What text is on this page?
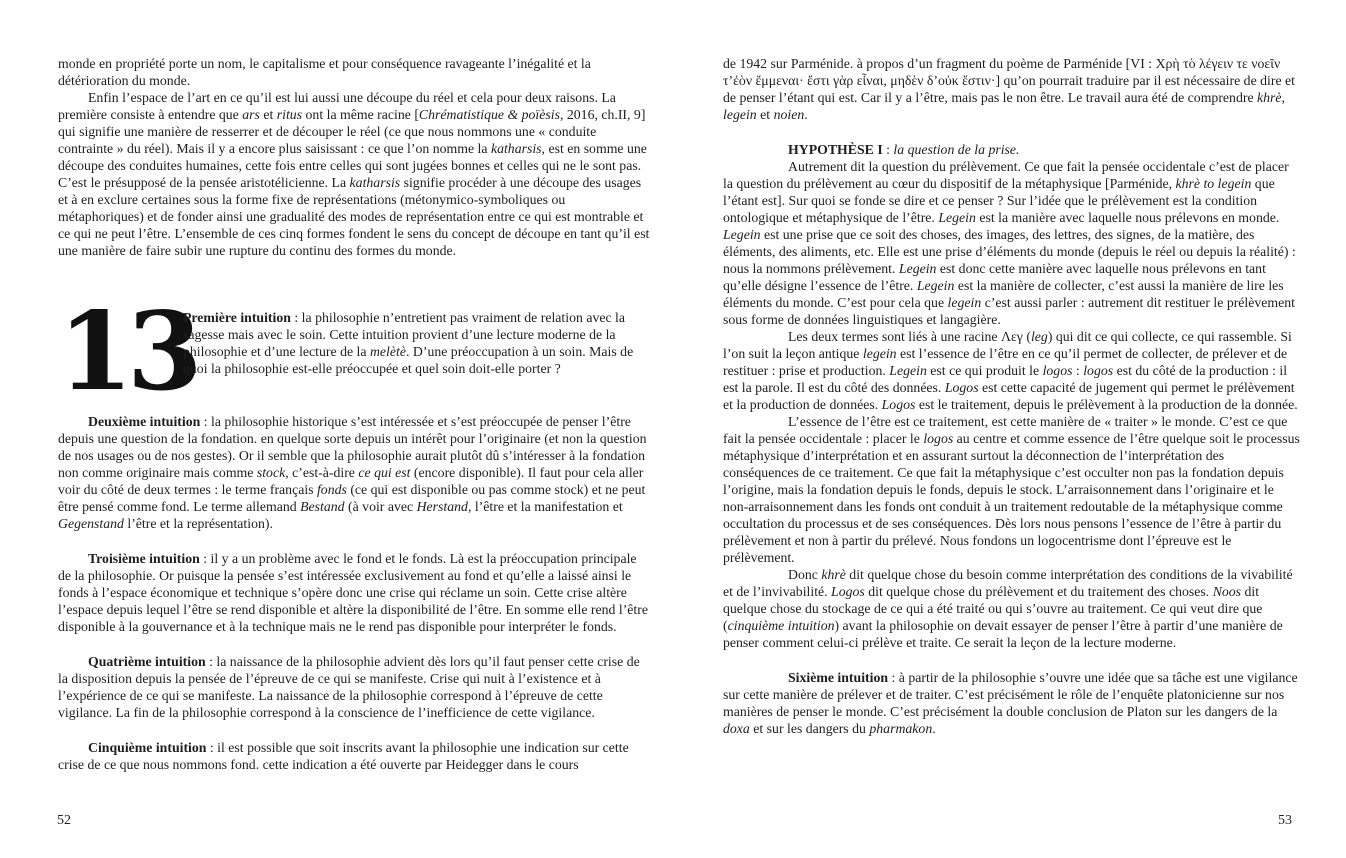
monde en propriété porte un nom, le capitalisme et pour conséquence ravageante l’inégalité et la détérioration du monde.

Enfin l’espace de l’art en ce qu’il est lui aussi une découpe du réel et cela pour deux raisons. La première consiste à entendre que ars et ritus ont la même racine [Chrématistique & poïèsis, 2016, ch.II, 9] qui signifie une manière de resserrer et de découper le réel (ce que nous nommons une « conduite contrainte » du réel). Mais il y a encore plus saisissant : ce que l’on nomme la katharsis, est en somme une découpe des conduites humaines, cette fois entre celles qui sont jugées bonnes et celles qui ne le sont pas. C’est le présupposé de la pensée aristotélicienne. La katharsis signifie procéder à une découpe des usages et à en exclure certaines sous la forme fixe de représentations (métonymico-symboliques ou métaphoriques) et de fonder ainsi une gradualité des modes de représentation entre ce qui est montrable et ce qui ne peut l’être. L’ensemble de ces cinq formes fondent le sens du concept de découpe en tant qu’il est une manière de faire subir une rupture du continu des formes du monde.

13

Première intuition : la philosophie n’entretient pas vraiment de relation avec la sagesse mais avec le soin. Cette intuition provient d’une lecture moderne de la philosophie et d’une lecture de la melètè. D’une préoccupation à un soin. Mais de quoi la philosophie est-elle préoccupée et quel soin doit-elle porter ?

Deuxième intuition : la philosophie historique s’est intéressée et s’est préoccupée de penser l’être depuis une question de la fondation. en quelque sorte depuis un intérêt pour l’originaire (et non la question de nos usages ou de nos gestes). Or il semble que la philosophie aurait plutôt dû s’intéresser à la fondation non comme originaire mais comme stock, c’est-à-dire ce qui est (encore disponible). Il faut pour cela aller voir du côté de deux termes : le terme français fonds (ce qui est disponible ou pas comme stock) et ne peut être pensé comme fond. Le terme allemand Bestand (à voir avec Herstand, l’être et la manifestation et Gegenstand l’être et la représentation).

Troisième intuition : il y a un problème avec le fond et le fonds. Là est la préoccupation principale de la philosophie. Or puisque la pensée s’est intéressée exclusivement au fond et qu’elle a laissé ainsi le fonds à l’espace économique et technique s’opère donc une crise qui réclame un soin. Cette crise altère l’espace depuis lequel l’être se rend disponible et altère la disponibilité de l’être. En somme elle rend l’être disponible à la gouvernance et à la technique mais ne le rend pas disponible pour interpréter le fonds.

Quatrième intuition : la naissance de la philosophie advient dès lors qu’il faut penser cette crise de la disposition depuis la pensée de l’épreuve de ce qui se manifeste. Crise qui nuit à l’existence et à l’expérience de ce qui se manifeste. La naissance de la philosophie correspond à l’épreuve de cette vigilance. La fin de la philosophie correspond à la conscience de l’inefficience de cette vigilance.

Cinquième intuition : il est possible que soit inscrits avant la philosophie une indication sur cette crise de ce que nous nommons fond. cette indication a été ouverte par Heidegger dans le cours

de 1942 sur Parménide. à propos d’un fragment du poème de Parménide [VI : Χρὴ τὸ λέγειν τε νοεῖν τ’ἐὸν ἔμμεναι· ἔστι γὰρ εἶναι, μηδὲν δ’οὐκ ἔστιν·] qu’on pourrait traduire par il est nécessaire de dire et de penser l’étant qui est. Car il y a l’être, mais pas le non être. Le travail aura été de comprendre khrè, legein et noien.

HYPOTHÈSE I : la question de la prise.

Autrement dit la question du prélèvement. Ce que fait la pensée occidentale c’est de placer la question du prélèvement au cœur du dispositif de la métaphysique [Parménide, khrè to legein que l’étant est]. Sur quoi se fonde se dire et ce penser ? Sur l’idée que le prélèvement est la condition ontologique et métaphysique de l’être. Legein est la manière avec laquelle nous prélevons en monde. Legein est une prise que ce soit des choses, des images, des lettres, des signes, de la matière, des éléments, des aliments, etc. Elle est une prise d’éléments du monde (depuis le réel ou depuis la réalité) : nous la nommons prélèvement. Legein est donc cette manière avec laquelle nous prélevons en tant qu’elle désigne l’essence de l’être. Legein est la manière de collecter, c’est aussi la manière de lire les éléments du monde. C’est pour cela que legein c’est aussi parler : autrement dit restituer le prélèvement sous forme de données linguistiques et langagière.

Les deux termes sont liés à une racine Λεγ (leg) qui dit ce qui collecte, ce qui rassemble. Si l’on suit la leçon antique legein est l’essence de l’être en ce qu’il permet de collecter, de prélever et de restituer : prise et production. Legein est ce qui produit le logos : logos est du côté de la production : il est la parole. Il est du côté des données. Logos est cette capacité de jugement qui permet le prélèvement et la production de données. Logos est le traitement, depuis le prélèvement à la production de la donnée.

L’essence de l’être est ce traitement, est cette manière de « traiter » le monde. C’est ce que fait la pensée occidentale : placer le logos au centre et comme essence de l’être quelque soit le processus métaphysique d’interprétation et en assurant surtout la déconnection de l’interprétation des conséquences de ce traitement. Ce que fait la métaphysique c’est occulter non pas la fondation depuis l’origine, mais la fondation depuis le fonds, depuis le stock. L’arraisonnement dans l’originaire et le non-arraisonnement dans les fonds ont conduit à un traitement redoutable de la métaphysique comme occultation du processus et de ses conséquences. Dès lors nous pensons l’essence de l’être à partir du prélèvement et non à partir du prélevé. Nous fondons un logocentrisme dont l’épreuve est le prélèvement.

Donc khrè dit quelque chose du besoin comme interprétation des conditions de la vivabilité et de l’invivabilité. Logos dit quelque chose du prélèvement et du traitement des choses. Noos dit quelque chose du stockage de ce qui a été traité ou qui s’ouvre au traitement. Ce qui veut dire que (cinquième intuition) avant la philosophie on devait essayer de penser l’être à partir d’une manière de penser comment celui-ci prélève et traite. Ce serait la leçon de la lecture moderne.

Sixième intuition : à partir de la philosophie s’ouvre une idée que sa tâche est une vigilance sur cette manière de prélever et de traiter. C’est précisément le rôle de l’enquête platonicienne sur nos manières de penser le monde. C’est précisément la double conclusion de Platon sur les dangers de la doxa et sur les dangers du pharmakon.

52	53
